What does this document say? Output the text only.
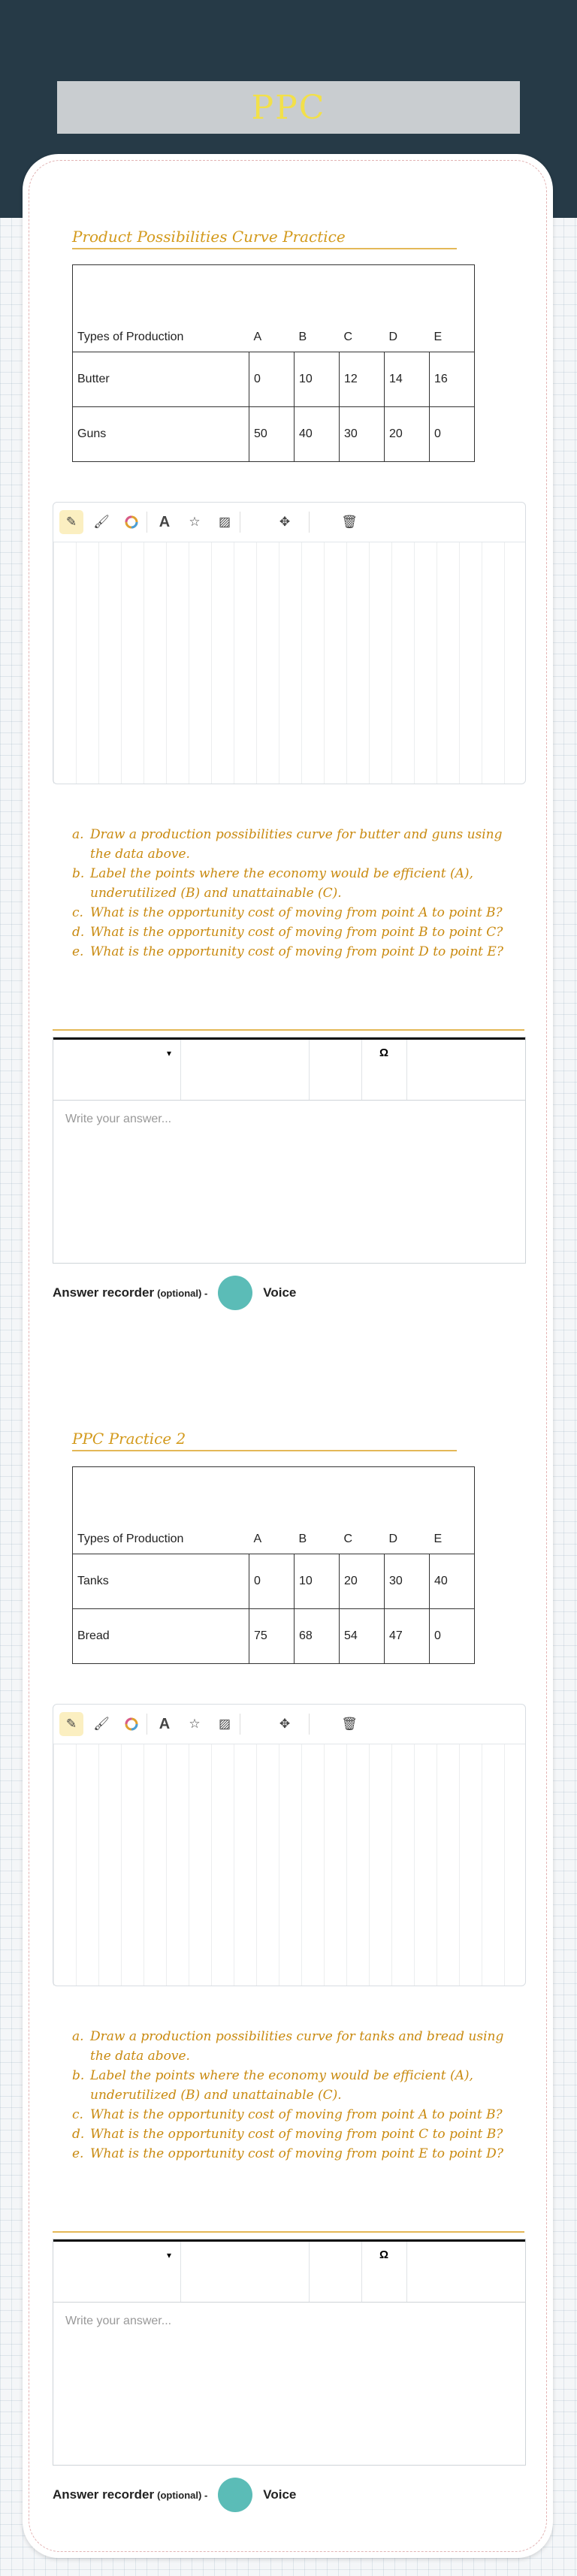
PPC
Product Possibilities Curve Practice
Types of Production	A	B	C	D	E
Butter	0	10	12	14	16
Guns	50	40	30	20	0
✎	🖌	A	☆	▨	✥	🗑
a. Draw a production possibilities curve for butter and guns using the data above.
b. Label the points where the economy would be efficient (A), underutilized (B) and unattainable (C).
c. What is the opportunity cost of moving from point A to point B?
d. What is the opportunity cost of moving from point B to point C?
e. What is the opportunity cost of moving from point D to point E?
▾	Ω
Write your answer...
Answer recorder (optional) -	Voice
PPC Practice 2
Types of Production	A	B	C	D	E
Tanks	0	10	20	30	40
Bread	75	68	54	47	0
✎	🖌	A	☆	▨	✥	🗑
a. Draw a production possibilities curve for tanks and bread using the data above.
b. Label the points where the economy would be efficient (A), underutilized (B) and unattainable (C).
c. What is the opportunity cost of moving from point A to point B?
d. What is the opportunity cost of moving from point C to point B?
e. What is the opportunity cost of moving from point E to point D?
▾	Ω
Write your answer...
Answer recorder (optional) -	Voice
